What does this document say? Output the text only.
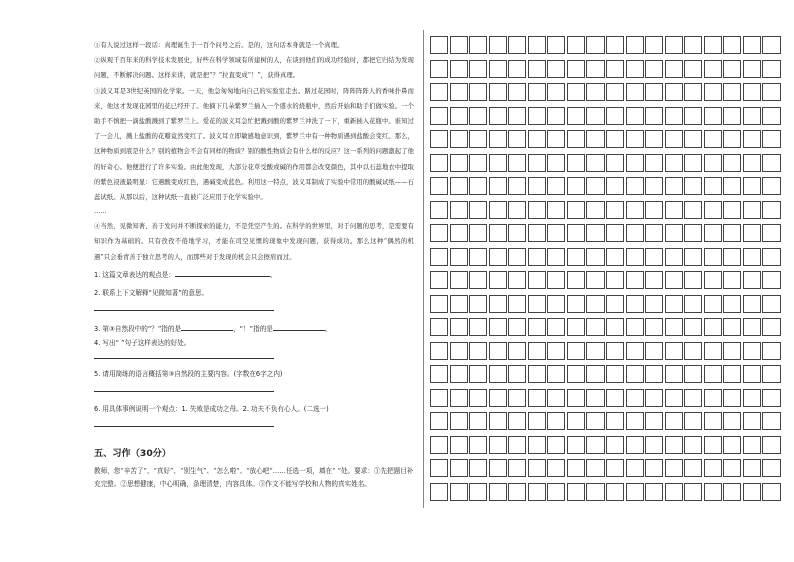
①有人说过这样一段话：真理诞生于一百个问号之后。是的，这句话本身就是一个真理。

②纵观千百年来的科学技术发展史，好些在科学领域有所建树的人，在谈到他们的成功经验时，都把它归结为发现问题，不断解决问题。这样来讲，就是把“？”拉直变成“！”，获得真理。

③波义耳是3世纪英国的化学家。一天，他急匆匆地向自己的实验室走去。路过花园时，阵阵阵阵人的香味扑鼻而来，他这才发现花园里的花已经开了。他摘下几朵紫罗兰插入一个盛水的烧瓶中，然后开始和助手们做实验。一个助手不慎把一滴盐酸溅到了紫罗兰上。爱花的波义耳急忙把溅到酸的紫罗兰冲洗了一下，重新插入花瓶中。谁知过了一会儿，溅上盐酸的花瓣竟然变红了。波义耳立即敏感地意识到，紫罗兰中有一种物质遇到盐酸会变红。那么，这种物质到底是什么？别的植物会不会有同样的物质？别的酸性物质会有什么样的反应？这一系列的问题激起了他的好奇心。他便进行了许多实验。由此他发现，大部分花草受酸或碱的作用都会改变颜色，其中以石蕊地衣中提取的紫色浸液最明显：它遇酸变成红色，遇碱变成蓝色。利用这一特点，波义耳制成了实验中常用的酸碱试纸——石蕊试纸。从那以后，这种试纸一直被广泛应用于化学实验中。

……

④当然，见微知著、善于发问并不断探索的能力，不是凭空产生的。在科学的世界里，对于问题的思考，是需要有知识作为基础的。只有孜孜不倦地学习，才能在司空见惯的现象中发现问题，获得成功。那么这种“偶然的机遇”只会垂青善于独立思考的人，而那些对于发现的机会只会擦肩而过。

1. 这篇文章表达的观点是：	。

2. 联系上下文解释“见微知著”的意思。

3. 第③自然段中的“？”指的是	，“！”指的是	。

4. 写出“ ”句子这样表达的好处。

5. 请用简练的语言概括第③自然段的主要内容。(字数在6字之内)

6. 用具体事例说明一个观点：1. 失败是成功之母。2. 功夫不负有心人。(二选一)

五、习作（30分）

教师，您“辛苦了”、“真好”、“别生气”、“怎么啦”、“放心吧”……任选一项，填在“ ”处。要求：①先把题目补充完整。②思想健康，中心明确，条理清楚，内容具体。③作文不能写学校和人物的真实姓名。
